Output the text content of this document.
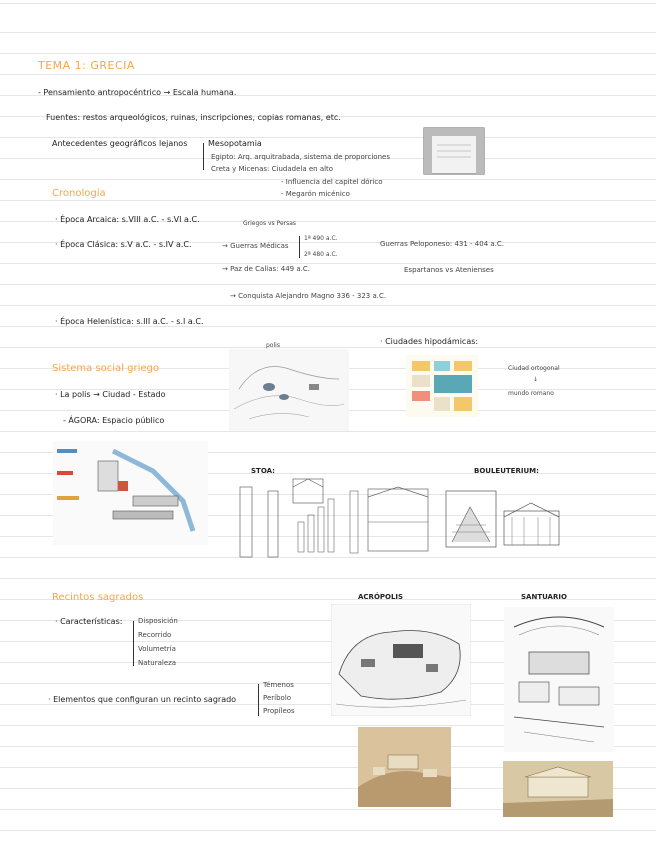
TEMA 1: GRECIA
- Pensamiento antropocéntrico → Escala humana.
Fuentes: restos arqueológicos, ruinas, inscripciones, copias romanas, etc.
Antecedentes geográficos lejanos	Mesopotamia
Egipto: Arq. arquitrabada, sistema de proporciones
Creta y Micenas: Ciudadela en alto
- Influencia del capitel dórico
- Megarón micénico
Cronología
· Época Arcaica: s.VIII a.C. - s.VI a.C.	Griegos vs Persas
· Época Clásica: s.V a.C. - s.IV a.C.	→ Guerras Médicas
1ª 490 a.C.
2ª 480 a.C.
Guerras Peloponeso: 431 - 404 a.C.
Espartanos vs Atenienses
→ Paz de Calias: 449 a.C.
→ Conquista Alejandro Magno 336 - 323 a.C.
· Época Helenística: s.III a.C. - s.I a.C.
polis	· Ciudades hipodámicas:
Sistema social griego
· La polis → Ciudad - Estado
- ÁGORA: Espacio público
Ciudad ortogonal
↓
mundo romano
STOA:	BOULEUTERIUM:
Recintos sagrados	ACRÓPOLIS	SANTUARIO
· Características: Disposición
Recorrido
Volumetría
Naturaleza
· Elementos que configuran un recinto sagrado
Témenos
Períbolo
Propíleos
